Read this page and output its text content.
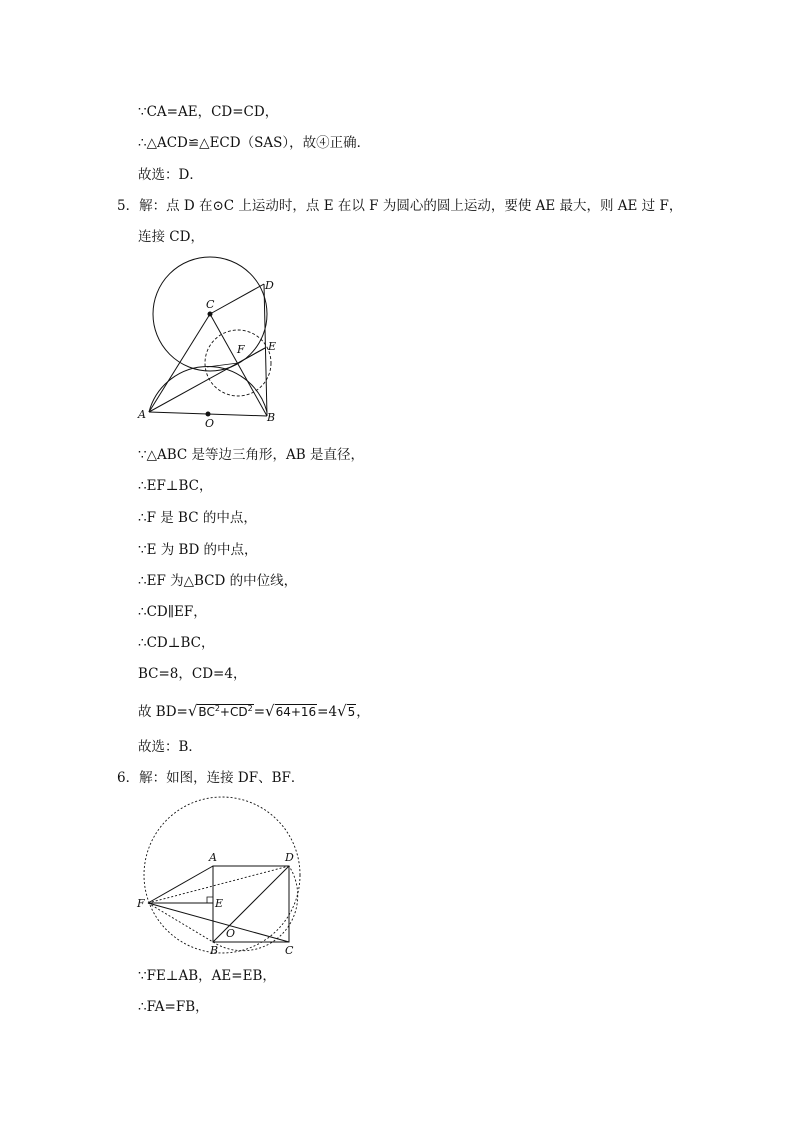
∵CA=AE，CD=CD，
∴△ACD≌△ECD（SAS），故④正确．
故选：D．
5．解：点 D 在⊙C 上运动时，点 E 在以 F 为圆心的圆上运动，要使 AE 最大，则 AE 过 F，
连接 CD，
C
D
E
F
A
O	B
∵△ABC 是等边三角形，AB 是直径，
∴EF⊥BC，
∴F 是 BC 的中点，
∵E 为 BD 的中点，
∴EF 为△BCD 的中位线，
∴CD∥EF，
∴CD⊥BC，
BC=8，CD=4，
故 $BD=√BC^2+CD^2=√64+16=4√5$，
故选：B．
6．解：如图，连接 DF、BF．
A	D
F	E
O
B	C
∵FE⊥AB，AE=EB，
∴FA=FB，
